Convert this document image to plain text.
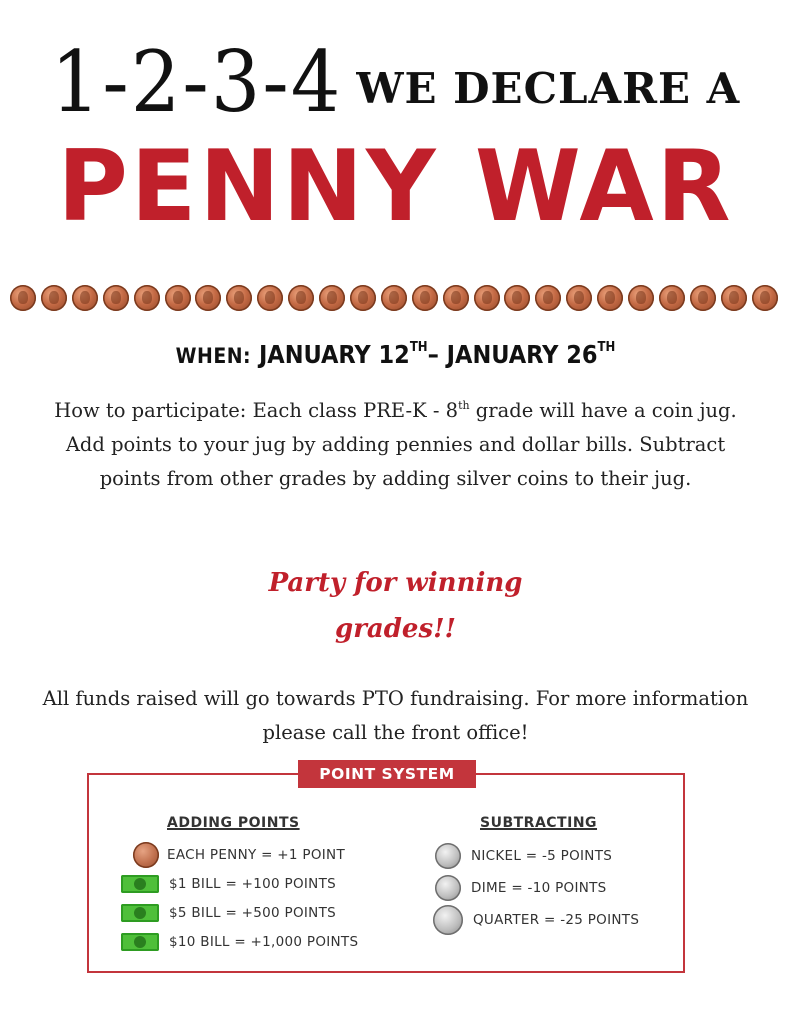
1-2-3-4 WE DECLARE A
PENNY WAR
WHEN: JANUARY 12TH– JANUARY 26TH
How to participate: Each class PRE-K - 8th grade will have a coin jug. Add points to your jug by adding pennies and dollar bills. Subtract points from other grades by adding silver coins to their jug.
Party for winning
grades!!
All funds raised will go towards PTO fundraising. For more information please call the front office!
ADDING POINTS	SUBTRACTING
EACH PENNY = +1 POINT
$1 BILL = +100 POINTS
$5 BILL = +500 POINTS
$10 BILL = +1,000 POINTS
NICKEL = -5 POINTS
DIME = -10 POINTS
QUARTER = -25 POINTS
POINT SYSTEM
